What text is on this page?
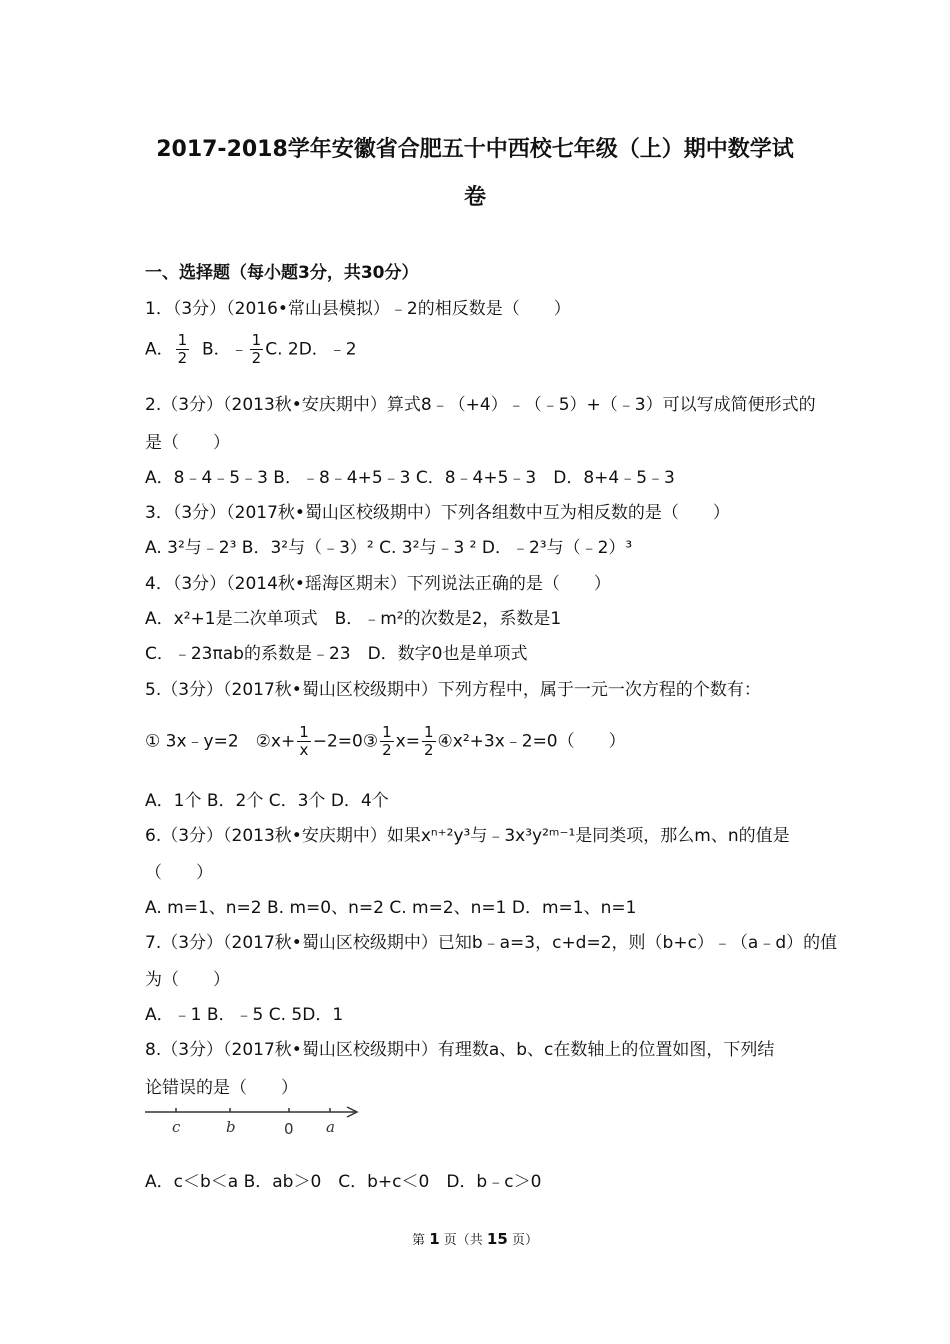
2017-2018学年安徽省合肥五十中西校七年级（上）期中数学试
卷
一、选择题（每小题3分，共30分）
1．（3分）（2016•常山县模拟）﹣2的相反数是（　　）
A． $\frac{1}{2}$ B．﹣ $\frac{1}{2} C$. 2D．﹣2
2.（3分）（2013秋•安庆期中）算式8﹣（+4）﹣（﹣5）+（﹣3）可以写成简便形式的
是（　　）
A．8﹣4﹣5﹣3 B．﹣8﹣4+5﹣3 C．8﹣4+5﹣3　D．8+4﹣5﹣3
3．（3分）（2017秋•蜀山区校级期中）下列各组数中互为相反数的是（　　）
A. 3²与﹣2³ B．3²与（﹣3）² C. 3²与﹣3 ² D．﹣2³与（﹣2）³
4．（3分）（2014秋•瑶海区期末）下列说法正确的是（　　）
A．x²+1是二次单项式　B．﹣m²的次数是2，系数是1
C．﹣23πab的系数是﹣23　D．数字0也是单项式
5.（3分）（2017秋•蜀山区校级期中）下列方程中，属于一元一次方程的个数有：
① 3x﹣y=2　②x+ $\frac{1}{x}$ −2=0③ $\frac{1}{2} x= \frac{1}{2}$ ④x²+3x﹣2=0（　　）
A．1个 B．2个 C．3个 D．4个
6.（3分）（2013秋•安庆期中）如果xⁿ⁺²y³与﹣3x³y²ᵐ⁻¹是同类项，那么m、n的值是
（　　）
A. m=1、n=2 B. m=0、n=2 C. m=2、n=1 D．m=1、n=1
7.（3分）（2017秋•蜀山区校级期中）已知b﹣a=3，c+d=2，则（b+c）﹣（a﹣d）的值
为（　　）
A．﹣1 B．﹣5 C. 5D．1
8.（3分）（2017秋•蜀山区校级期中）有理数a、b、c在数轴上的位置如图，下列结
论错误的是（　　）
c	b	0 a
A．c＜b＜a B．ab＞0　C．b+c＜0　D．b﹣c＞0
第 1 页（共 15 页）
